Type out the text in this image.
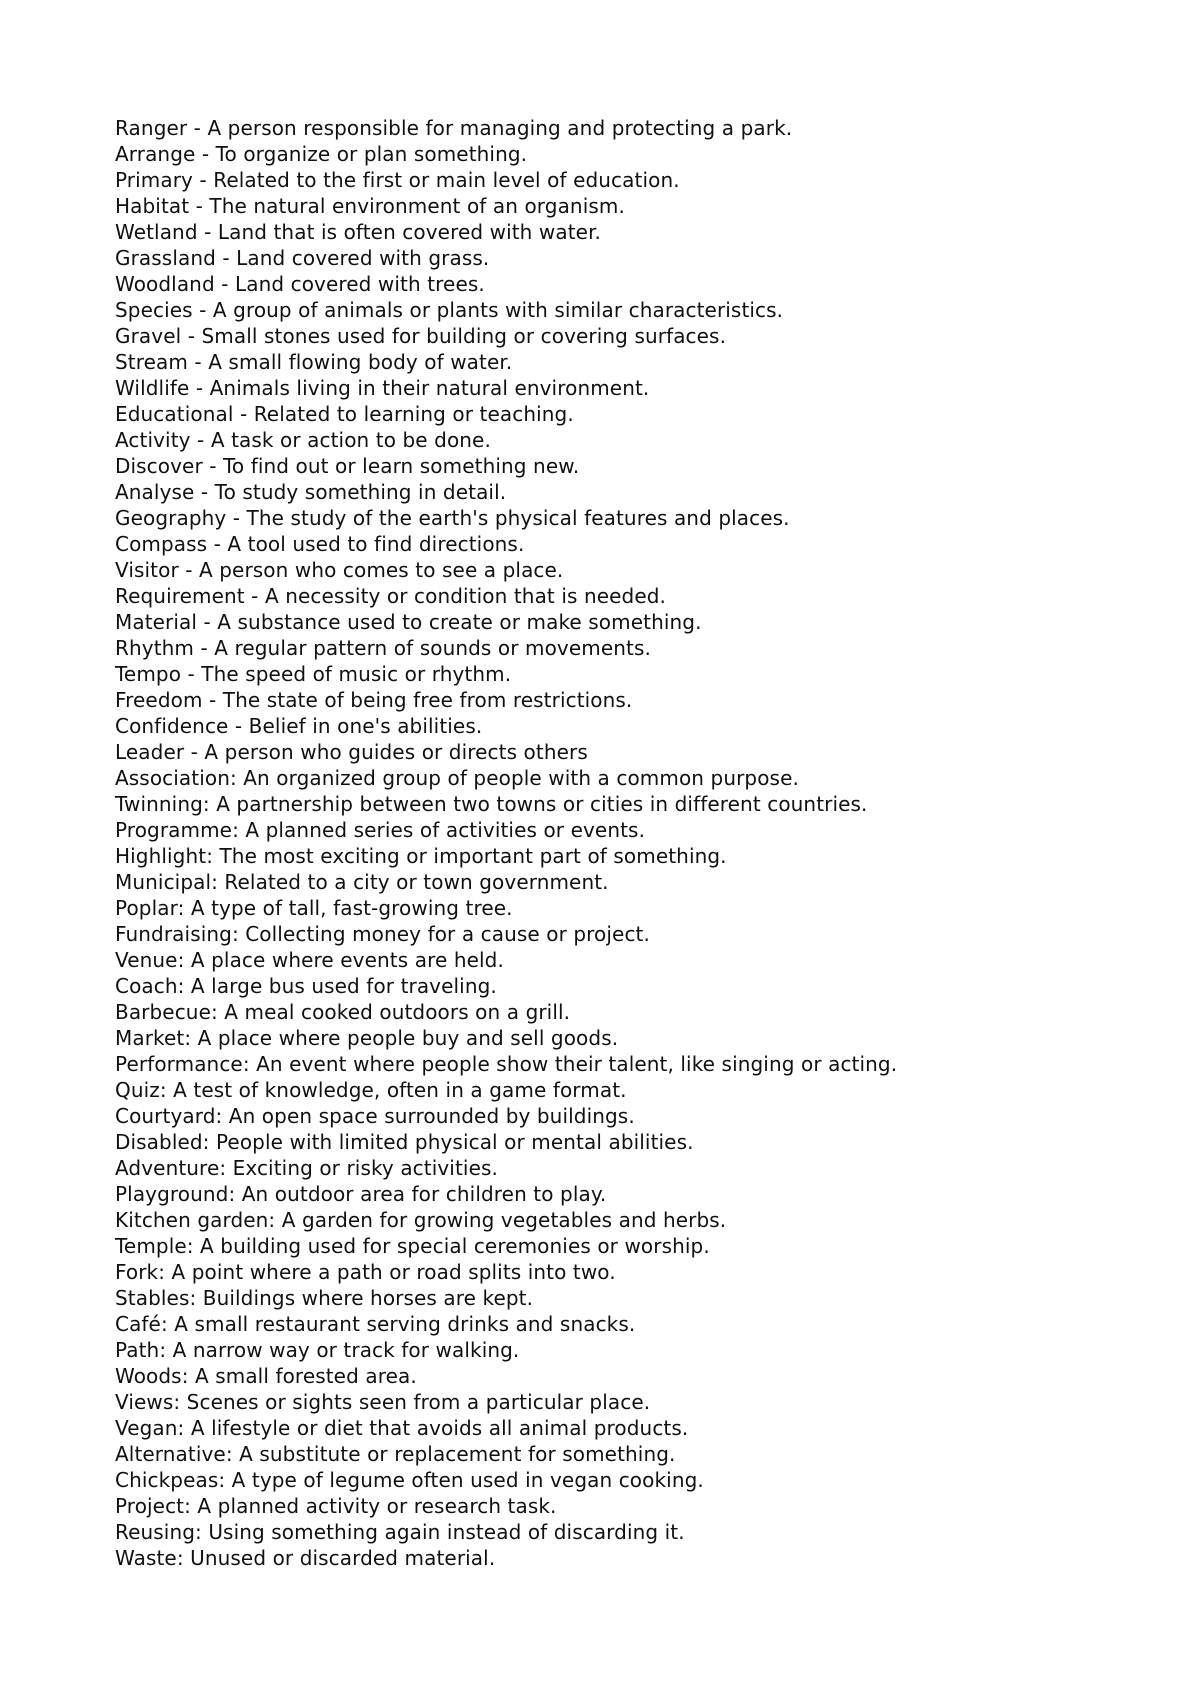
Ranger - A person responsible for managing and protecting a park.
Arrange - To organize or plan something.
Primary - Related to the first or main level of education.
Habitat - The natural environment of an organism.
Wetland - Land that is often covered with water.
Grassland - Land covered with grass.
Woodland - Land covered with trees.
Species - A group of animals or plants with similar characteristics.
Gravel - Small stones used for building or covering surfaces.
Stream - A small flowing body of water.
Wildlife - Animals living in their natural environment.
Educational - Related to learning or teaching.
Activity - A task or action to be done.
Discover - To find out or learn something new.
Analyse - To study something in detail.
Geography - The study of the earth's physical features and places.
Compass - A tool used to find directions.
Visitor - A person who comes to see a place.
Requirement - A necessity or condition that is needed.
Material - A substance used to create or make something.
Rhythm - A regular pattern of sounds or movements.
Tempo - The speed of music or rhythm.
Freedom - The state of being free from restrictions.
Confidence - Belief in one's abilities.
Leader - A person who guides or directs others
Association: An organized group of people with a common purpose.
Twinning: A partnership between two towns or cities in different countries.
Programme: A planned series of activities or events.
Highlight: The most exciting or important part of something.
Municipal: Related to a city or town government.
Poplar: A type of tall, fast-growing tree.
Fundraising: Collecting money for a cause or project.
Venue: A place where events are held.
Coach: A large bus used for traveling.
Barbecue: A meal cooked outdoors on a grill.
Market: A place where people buy and sell goods.
Performance: An event where people show their talent, like singing or acting.
Quiz: A test of knowledge, often in a game format.
Courtyard: An open space surrounded by buildings.
Disabled: People with limited physical or mental abilities.
Adventure: Exciting or risky activities.
Playground: An outdoor area for children to play.
Kitchen garden: A garden for growing vegetables and herbs.
Temple: A building used for special ceremonies or worship.
Fork: A point where a path or road splits into two.
Stables: Buildings where horses are kept.
Café: A small restaurant serving drinks and snacks.
Path: A narrow way or track for walking.
Woods: A small forested area.
Views: Scenes or sights seen from a particular place.
Vegan: A lifestyle or diet that avoids all animal products.
Alternative: A substitute or replacement for something.
Chickpeas: A type of legume often used in vegan cooking.
Project: A planned activity or research task.
Reusing: Using something again instead of discarding it.
Waste: Unused or discarded material.
